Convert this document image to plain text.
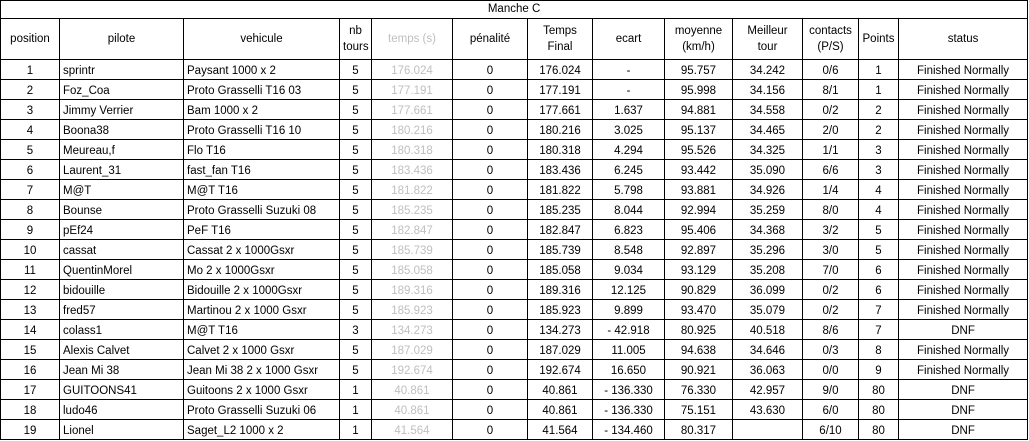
Manche C												
position	pilote	vehicule	nb tours	temps (s)	pénalité	Temps Final	ecart	moyenne (km/h)	Meilleur tour	contacts (P/S)	Points	status
1	sprintr	Paysant 1000 x 2	5	176.024	0	176.024	-	95.757	34.242	0/6	1	Finished Normally
2	Foz_Coa	Proto Grasselli T16 03	5	177.191	0	177.191	-	95.998	34.156	8/1	1	Finished Normally
3	Jimmy Verrier	Bam 1000 x 2	5	177.661	0	177.661	1.637	94.881	34.558	0/2	2	Finished Normally
4	Boona38	Proto Grasselli T16 10	5	180.216	0	180.216	3.025	95.137	34.465	2/0	2	Finished Normally
5	Meureau,f	Flo T16	5	180.318	0	180.318	4.294	95.526	34.325	1/1	3	Finished Normally
6	Laurent_31	fast_fan T16	5	183.436	0	183.436	6.245	93.442	35.090	6/6	3	Finished Normally
7	M@T	M@T T16	5	181.822	0	181.822	5.798	93.881	34.926	1/4	4	Finished Normally
8	Bounse	Proto Grasselli Suzuki 08	5	185.235	0	185.235	8.044	92.994	35.259	8/0	4	Finished Normally
9	pEf24	PeF T16	5	182.847	0	182.847	6.823	95.406	34.368	3/2	5	Finished Normally
10	cassat	Cassat 2 x 1000Gsxr	5	185.739	0	185.739	8.548	92.897	35.296	3/0	5	Finished Normally
11	QuentinMorel	Mo 2 x 1000Gsxr	5	185.058	0	185.058	9.034	93.129	35.208	7/0	6	Finished Normally
12	bidouille	Bidouille 2 x 1000Gsxr	5	189.316	0	189.316	12.125	90.829	36.099	0/2	6	Finished Normally
13	fred57	Martinou 2 x 1000 Gsxr	5	185.923	0	185.923	9.899	93.470	35.079	0/2	7	Finished Normally
14	colass1	M@T T16	3	134.273	0	134.273	- 42.918	80.925	40.518	8/6	7	DNF
15	Alexis Calvet	Calvet 2 x 1000 Gsxr	5	187.029	0	187.029	11.005	94.638	34.646	0/3	8	Finished Normally
16	Jean Mi 38	Jean Mi 38 2 x 1000 Gsxr	5	192.674	0	192.674	16.650	90.921	36.063	0/0	9	Finished Normally
17	GUITOONS41	Guitoons 2 x 1000 Gsxr	1	40.861	0	40.861	- 136.330	76.330	42.957	9/0	80	DNF
18	ludo46	Proto Grasselli Suzuki 06	1	40.861	0	40.861	- 136.330	75.151	43.630	6/0	80	DNF
19	Lionel	Saget_L2 1000 x 2	1	41.564	0	41.564	- 134.460	80.317		6/10	80	DNF
